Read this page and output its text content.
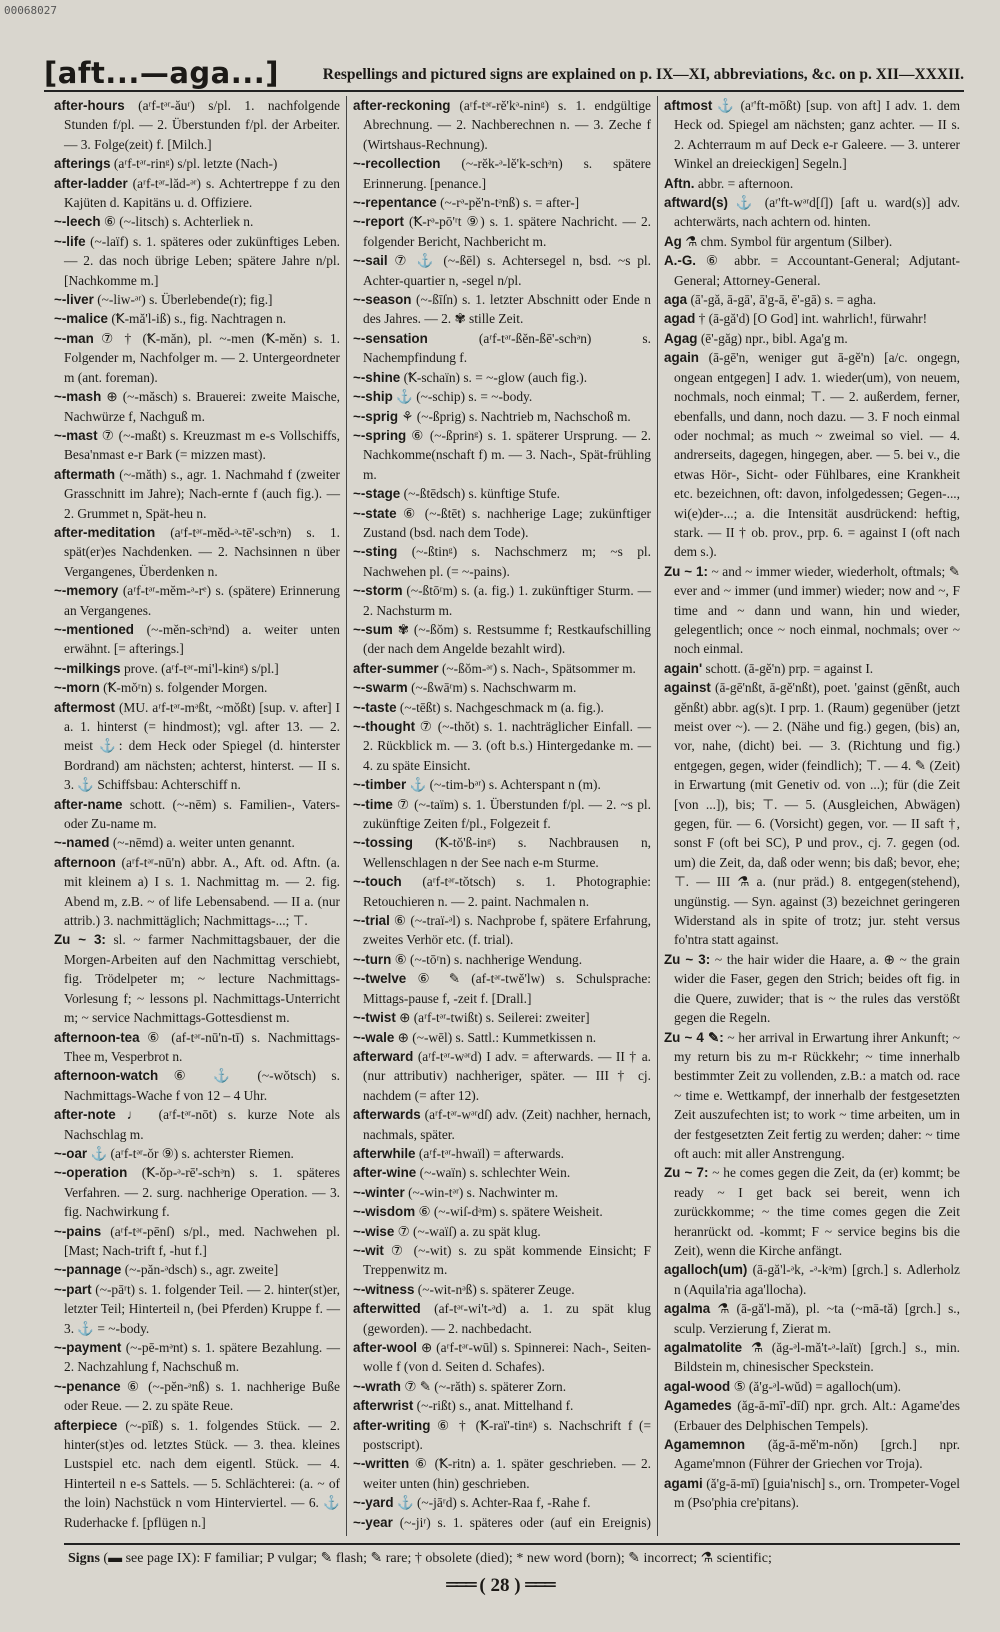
00068027
[aft...—aga...]	Respellings and pictured signs are explained on p. IX—XI, abbreviations, &c. on p. XII—XXXII.

after-hours (aʳf-tᵊʳ-ăuʳ) s/pl. 1. nachfolgende Stunden f/pl. — 2. Überstunden f/pl. der Arbeiter. — 3. Folge(zeit) f. [Milch.]

afterings (aʳf-tᵊʳ-rinᵍ) s/pl. letzte (Nach-)

after-ladder (aʳf-tᵊʳ-lăd-ᵊʳ) s. Achtertreppe f zu den Kajüten d. Kapitäns u. d. Offiziere.

~-leech ⑥ (~-litsch) s. Achterliek n.

~-life (~-laïf) s. 1. späteres oder zukünftiges Leben. — 2. das noch übrige Leben; spätere Jahre n/pl. [Nachkomme m.]

~-liver (~-liw-ᵊʳ) s. Überlebende(r); fig.]

~-malice (Ꝁ-mă'l-iß) s., fig. Nachtragen n.

~-man ⑦ † (Ꝁ-măn), pl. ~-men (Ꝁ-mĕn) s. 1. Folgender m, Nachfolger m. — 2. Untergeordneter m (ant. foreman).

~-mash ⊕ (~-măsch) s. Brauerei: zweite Maische, Nachwürze f, Nachguß m.

~-mast ⑦ (~-maßt) s. Kreuzmast m e-s Vollschiffs, Besa'nmast e-r Bark (= mizzen mast).

aftermath (~-măth) s., agr. 1. Nachmahd f (zweiter Grasschnitt im Jahre); Nach-ernte f (auch fig.). — 2. Grummet n, Spät-heu n.

after-meditation (aʳf-tᵊʳ-mĕd-ᵊ-tē'-schᵊn) s. 1. spät(er)es Nachdenken. — 2. Nachsinnen n über Vergangenes, Überdenken n.

~-memory (aʳf-tᵊʳ-mĕm-ᵊ-rᵉ) s. (spätere) Erinnerung an Vergangenes.

~-mentioned (~-mĕn-schᵊnd) a. weiter unten erwähnt. [= afterings.]

~-milkings prove. (aʳf-tᵊʳ-mi'l-kinᵍ) s/pl.]

~-morn (Ꝁ-mŏʳn) s. folgender Morgen.

aftermost (MU. aʳf-tᵊʳ-mᵊßt, ~mŏßt) [sup. v. after] I a. 1. hinterst (= hindmost); vgl. after 13. — 2. meist ⚓: dem Heck oder Spiegel (d. hinterster Bordrand) am nächsten; achterst, hinterst. — II s. 3. ⚓ Schiffsbau: Achterschiff n.

after-name schott. (~-nēm) s. Familien-, Vaters- oder Zu-name m.

~-named (~-nēmd) a. weiter unten genannt.

afternoon (aʳf-tᵊʳ-nū'n) abbr. A., Aft. od. Aftn. (a. mit kleinem a) I s. 1. Nachmittag m. — 2. fig. Abend m, z.B. ~ of life Lebensabend. — II a. (nur attrib.) 3. nachmittäglich; Nachmittags-...; ⊤.

Zu ~ 3: sl. ~ farmer Nachmittagsbauer, der die Morgen-Arbeiten auf den Nachmittag verschiebt, fig. Trödelpeter m; ~ lecture Nachmittags-Vorlesung f; ~ lessons pl. Nachmittags-Unterricht m; ~ service Nachmittags-Gottesdienst m.

afternoon-tea ⑥ (af-tᵊʳ-nū'n-tī) s. Nachmittags-Thee m, Vesperbrot n.

afternoon-watch ⑥ ⚓ (~-wŏtsch) s. Nachmittags-Wache f von 12 – 4 Uhr.

after-note ♩ (aʳf-tᵊʳ-nōt) s. kurze Note als Nachschlag m.

~-oar ⚓ (aʳf-tᵊʳ-ŏr ⑨) s. achterster Riemen.

~-operation (Ꝁ-ŏp-ᵊ-rē'-schᵊn) s. 1. späteres Verfahren. — 2. surg. nachherige Operation. — 3. fig. Nachwirkung f.

~-pains (aʳf-tᵊʳ-pēnſ) s/pl., med. Nachwehen pl. [Mast; Nach-trift f, -hut f.]

~-pannage (~-păn-ᵊdsch) s., agr. zweite]

~-part (~-pāʳt) s. 1. folgender Teil. — 2. hinter(st)er, letzter Teil; Hinterteil n, (bei Pferden) Kruppe f. — 3. ⚓ = ~-body.

~-payment (~-pē-mᵊnt) s. 1. spätere Bezahlung. — 2. Nachzahlung f, Nachschuß m.

~-penance ⑥ (~-pĕn-ᵊnß) s. 1. nachherige Buße oder Reue. — 2. zu späte Reue.

afterpiece (~-pīß) s. 1. folgendes Stück. — 2. hinter(st)es od. letztes Stück. — 3. thea. kleines Lustspiel etc. nach dem eigentl. Stück. — 4. Hinterteil n e-s Sattels. — 5. Schlächterei: (a. ~ of the loin) Nachstück n vom Hinterviertel. — 6. ⚓ Ruderhacke f. [pflügen n.]

after-reckoning (aʳf-tᵊʳ-rĕ'kᵊ-ninᵍ) s. 1. endgültige Abrechnung. — 2. Nachberechnen n. — 3. Zeche f (Wirtshaus-Rechnung).

~-recollection (~-rĕk-ᵊ-lĕ'k-schᵊn) s. spätere Erinnerung. [penance.]

~-repentance (~-rᵊ-pĕ'n-tᵊnß) s. = after-]

~-report (Ꝁ-rᵊ-pō'ʳt ⑨) s. 1. spätere Nachricht. — 2. folgender Bericht, Nachbericht m.

~-sail ⑦ ⚓ (~-ßēl) s. Achtersegel n, bsd. ~s pl. Achter-quartier n, -segel n/pl.

~-season (~-ßīſn) s. 1. letzter Abschnitt oder Ende n des Jahres. — 2. ✾ stille Zeit.

~-sensation	(aʳf-tᵊʳ-ßĕn-ßē'-schᵊn) s. Nachempfindung f.

~-shine (Ꝁ-schaïn) s. = ~-glow (auch fig.).

~-ship ⚓ (~-schip) s. = ~-body.

~-sprig ⚘ (~-ßprig) s. Nachtrieb m, Nachschoß m.

~-spring ⑥ (~-ßprinᵍ) s. 1. späterer Ursprung. — 2. Nachkomme(nschaft f) m. — 3. Nach-, Spät-frühling m.

~-stage (~-ßtēdsch) s. künftige Stufe.

~-state ⑥ (~-ßtēt) s. nachherige Lage; zukünftiger Zustand (bsd. nach dem Tode).

~-sting (~-ßtinᵍ) s. Nachschmerz m; ~s pl. Nachwehen pl. (= ~-pains).

~-storm (~-ßtōʳm) s. (a. fig.) 1. zukünftiger Sturm. — 2. Nachsturm m.

~-sum ✾ (~-ßŏm) s. Restsumme f; Restkaufschilling (der nach dem Angelde bezahlt wird).

after-summer (~-ßŏm-ᵊʳ) s. Nach-, Spätsommer m.

~-swarm (~-ßwāʳm) s. Nachschwarm m.

~-taste (~-tēßt) s. Nachgeschmack m (a. fig.).

~-thought ⑦ (~-thŏt) s. 1. nachträglicher Einfall. — 2. Rückblick m. — 3. (oft b.s.) Hintergedanke m. — 4. zu späte Einsicht.

~-timber ⚓ (~-tim-bᵊʳ) s. Achterspant n (m).

~-time ⑦ (~-taïm) s. 1. Überstunden f/pl. — 2. ~s pl. zukünftige Zeiten f/pl., Folgezeit f.

~-tossing (Ꝁ-tŏ'ß-inᵍ) s. Nachbrausen n, Wellenschlagen n der See nach e-m Sturme.

~-touch (aʳf-tᵊʳ-tŏtsch) s. 1. Photographie: Retouchieren n. — 2. paint. Nachmalen n.

~-trial ⑥ (~-traï-ᵊl) s. Nachprobe f, spätere Erfahrung, zweites Verhör etc. (f. trial).

~-turn ⑥ (~-tōʳn) s. nachherige Wendung.

~-twelve ⑥ ✎ (af-tᵊʳ-twĕ'lw) s. Schulsprache: Mittags-pause f, -zeit f. [Drall.]

~-twist ⊕ (aʳf-tᵊʳ-twißt) s. Seilerei: zweiter]

~-wale ⊕ (~-wēl) s. Sattl.: Kummetkissen n.

afterward (aʳf-tᵊʳ-wᵊʳd) I adv. = afterwards. — II † a. (nur attributiv) nachheriger, später. — III † cj. nachdem (= after 12).

afterwards (aʳf-tᵊʳ-wᵊʳdſ) adv. (Zeit) nachher, hernach, nachmals, später.

afterwhile (aʳf-tᵊʳ-hwaïl) = afterwards.

after-wine (~-waïn) s. schlechter Wein.

~-winter (~-win-tᵊʳ) s. Nachwinter m.

~-wisdom ⑥ (~-wiſ-dᵊm) s. spätere Weisheit.

~-wise ⑦ (~-waïſ) a. zu spät klug.

~-wit ⑦ (~-wit) s. zu spät kommende Einsicht; F Treppenwitz m.

~-witness (~-wit-nᵊß) s. späterer Zeuge.

afterwitted (af-tᵊʳ-wi't-ᵊd) a. 1. zu spät klug (geworden). — 2. nachbedacht.

after-wool ⊕ (aʳf-tᵊʳ-wūl) s. Spinnerei: Nach-, Seiten-wolle f (von d. Seiten d. Schafes).

~-wrath ⑦ ✎ (~-răth) s. späterer Zorn.

afterwrist (~-rißt) s., anat. Mittelhand f.

after-writing ⑥ † (Ꝁ-raï'-tinᵍ) s. Nachschrift f (= postscript).

~-written ⑥ (Ꝁ-ritn) a. 1. später geschrieben. — 2. weiter unten (hin) geschrieben.

~-yard ⚓ (~-jāʳd) s. Achter-Raa f, -Rahe f.

~-year (~-jiʳ) s. 1. späteres oder (auf ein Ereignis)

aftmost ⚓ (aʳ'ft-mōßt) [sup. von aft] I adv. 1. dem Heck od. Spiegel am nächsten; ganz achter. — II s. 2. Achterraum m auf Deck e-r Galeere. — 3. unterer Winkel an dreieckigen] Segeln.]

Aftn. abbr. = afternoon.

aftward(s) ⚓ (aʳ'ft-wᵊʳd[ſ]) [aft u. ward(s)] adv. achterwärts, nach achtern od. hinten.

Ag ⚗ chm. Symbol für argentum (Silber).

A.-G. ⑥ abbr. = Accountant-General; Adjutant-General; Attorney-General.

aga (ā'-gă, ā-gā', ā'g-ā, ē'-gā) s. = agha.

agad † (ā-gă'd) [O God] int. wahrlich!, fürwahr!

Agag (ē'-găg) npr., bibl. Aga'g m.

again (ā-gē'n, weniger gut ā-gĕ'n) [a/c. ongegn, ongean entgegen] I adv. 1. wieder(um), von neuem, nochmals, noch einmal; ⊤. — 2. außerdem, ferner, ebenfalls, und dann, noch dazu. — 3. F noch einmal oder nochmal; as much ~ zweimal so viel. — 4. andrerseits, dagegen, hingegen, aber. — 5. bei v., die etwas Hör-, Sicht- oder Fühlbares, eine Krankheit etc. bezeichnen, oft: davon, infolgedessen; Gegen-..., wi(e)der-...; a. die Intensität ausdrückend: heftig, stark. — II † ob. prov., prp. 6. = against I (oft nach dem s.).

Zu ~ 1: ~ and ~ immer wieder, wiederholt, oftmals; ✎ ever and ~ immer (und immer) wieder; now and ~, F time and ~ dann und wann, hin und wieder, gelegentlich; once ~ noch einmal, nochmals; over ~ noch einmal.

again' schott. (ā-gĕ'n) prp. = against I.

against (ā-gē'nßt, ā-gĕ'nßt), poet. 'gainst (gēnßt, auch gĕnßt) abbr. ag(s)t. I prp. 1. (Raum) gegenüber (jetzt meist over ~). — 2. (Nähe und fig.) gegen, (bis) an, vor, nahe, (dicht) bei. — 3. (Richtung und fig.) entgegen, gegen, wider (feindlich); ⊤. — 4. ✎ (Zeit) in Erwartung (mit Genetiv od. von ...); für (die Zeit [von ...]), bis; ⊤. — 5. (Ausgleichen, Abwägen) gegen, für. — 6. (Vorsicht) gegen, vor. — II saft †, sonst F (oft bei SC), P und prov., cj. 7. gegen (od. um) die Zeit, da, daß oder wenn; bis daß; bevor, ehe; ⊤. — III ⚗ a. (nur präd.) 8. entgegen(stehend), ungünstig. — Syn. against (3) bezeichnet geringeren Widerstand als in spite of trotz; jur. steht versus fo'ntra statt against.

Zu ~ 3: ~ the hair wider die Haare, a. ⊕ ~ the grain wider die Faser, gegen den Strich; beides oft fig. in die Quere, zuwider; that is ~ the rules das verstößt gegen die Regeln.

Zu ~ 4 ✎: ~ her arrival in Erwartung ihrer Ankunft; ~ my return bis zu m-r Rückkehr; ~ time innerhalb bestimmter Zeit zu vollenden, z.B.: a match od. race ~ time e. Wettkampf, der innerhalb der festgesetzten Zeit auszufechten ist; to work ~ time arbeiten, um in der festgesetzten Zeit fertig zu werden; daher: ~ time oft auch: mit aller Anstrengung.

Zu ~ 7: ~ he comes gegen die Zeit, da (er) kommt; be ready ~ I get back sei bereit, wenn ich zurückkomme; ~ the time comes gegen die Zeit heranrückt od. -kommt; F ~ service begins bis die Zeit), wenn die Kirche anfängt.

agalloch(um) (ā-gă'l-ᵊk, -ᵊ-kᵊm) [grch.] s. Adlerholz n (Aquila'ria aga'llocha).

agalma ⚗ (ā-gă'l-mă), pl. ~ta (~mā-tă) [grch.] s., sculp. Verzierung f, Zierat m.

agalmatolite ⚗ (ăg-ᵊl-mă't-ᵊ-laït) [grch.] s., min. Bildstein m, chinesischer Speckstein.

agal-wood ⑤ (ă'g-ᵊl-wŭd) = agalloch(um).

Agamedes (ăg-ā-mī'-dīſ) npr. grch. Alt.: Agame'des (Erbauer des Delphischen Tempels).

Agamemnon (ăg-ā-mĕ'm-nŏn) [grch.] npr. Agame'mnon (Führer der Griechen vor Troja).

agami (ă'g-ā-mī) [guia'nisch] s., orn. Trompeter-Vogel m (Pso'phia cre'pitans).

Signs (▬ see page IX): F familiar; P vulgar; ✎ flash; ✎ rare; † obsolete (died); * new word (born); ✎ incorrect; ⚗ scientific;
═══ ( 28 ) ═══
